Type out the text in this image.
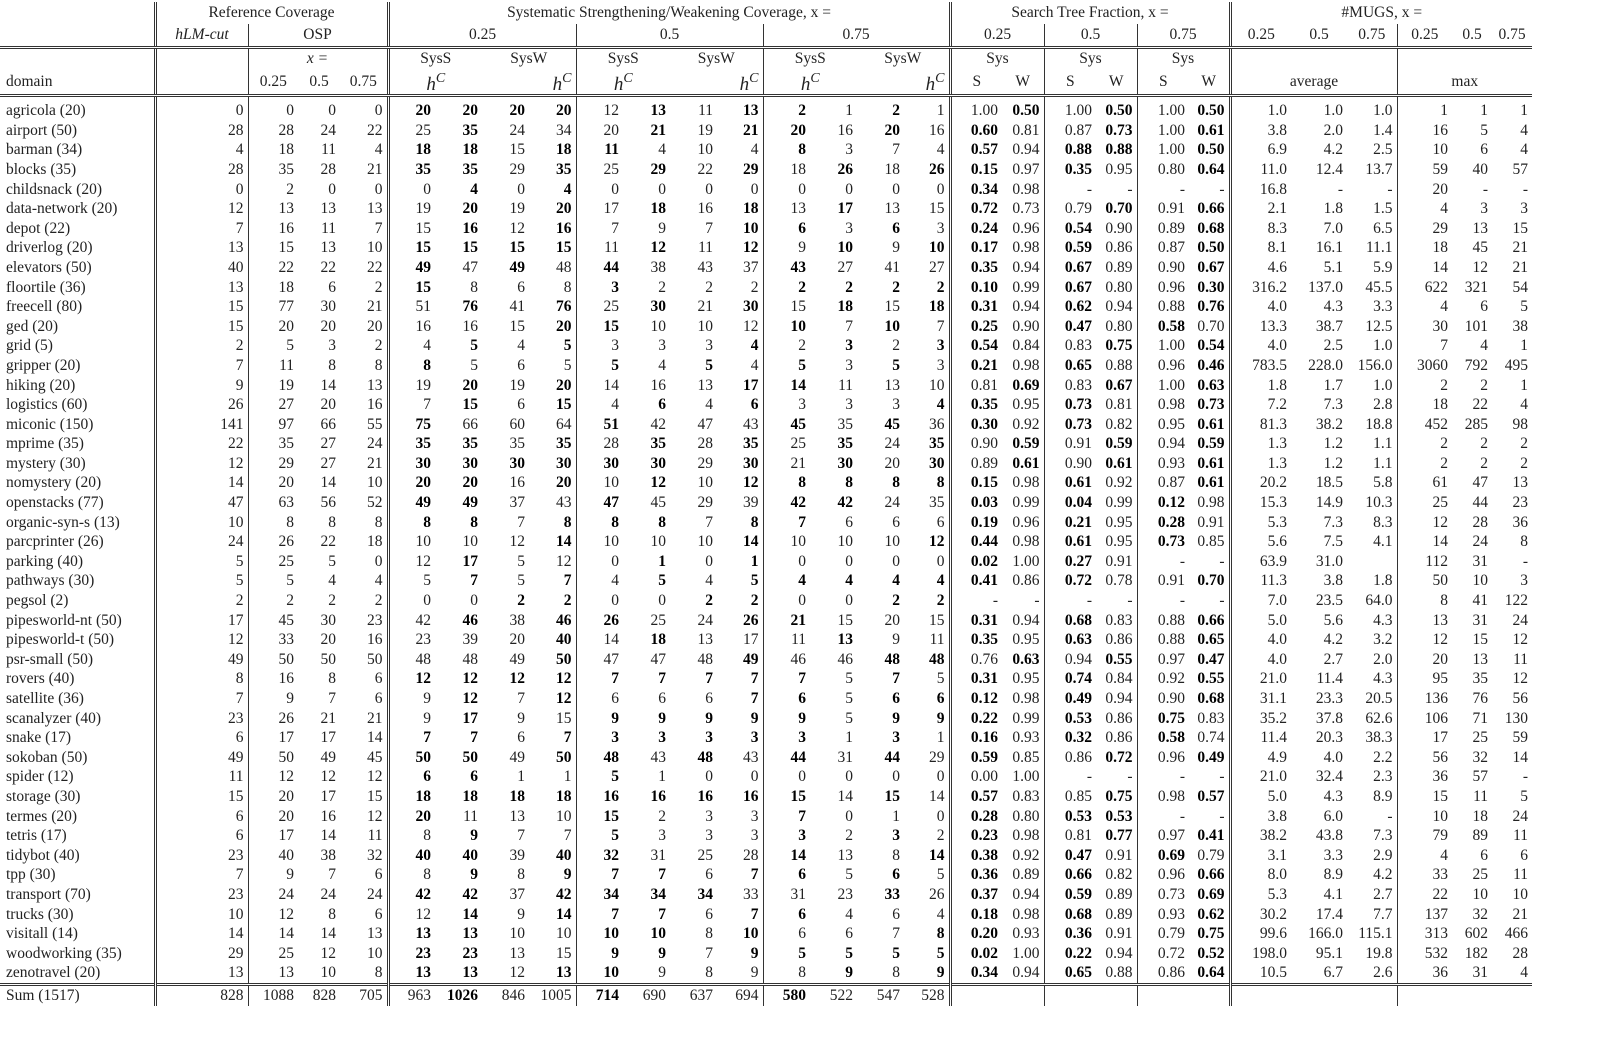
	Reference Coverage				Systematic Strengthening/Weakening Coverage, x =												Search Tree Fraction, x =						#MUGS, x =					
	hLM-cut	OSP			0.25				0.5				0.75				0.25		0.5		0.75		0.25	0.5	0.75	0.25	0.5	0.75
		x =			SysS		SysW		SysS		SysW		SysS		SysW		Sys		Sys		Sys							
domain		0.25	0.5	0.75	$h^C$		$h^C$		$h^C$		$h^C$		$h^C$		$h^C$		S	W	S	W	S	W	average			max		

agricola (20)	0	0	0	0	20	20	20	20	12	13	11	13	2	1	2	1	1.00	0.50	1.00	0.50	1.00	0.50	1.0	1.0	1.0	1	1	1
airport (50)	28	28	24	22	25	35	24	34	20	21	19	21	20	16	20	16	0.60	0.81	0.87	0.73	1.00	0.61	3.8	2.0	1.4	16	5	4
barman (34)	4	18	11	4	18	18	15	18	11	4	10	4	8	3	7	4	0.57	0.94	0.88	0.88	1.00	0.50	6.9	4.2	2.5	10	6	4
blocks (35)	28	35	28	21	35	35	29	35	25	29	22	29	18	26	18	26	0.15	0.97	0.35	0.95	0.80	0.64	11.0	12.4	13.7	59	40	57
childsnack (20)	0	2	0	0	0	4	0	4	0	0	0	0	0	0	0	0	0.34	0.98	-	-	-	-	16.8	-	-	20	-	-
data-network (20)	12	13	13	13	19	20	19	20	17	18	16	18	13	17	13	15	0.72	0.73	0.79	0.70	0.91	0.66	2.1	1.8	1.5	4	3	3
depot (22)	7	16	11	7	15	16	12	16	7	9	7	10	6	3	6	3	0.24	0.96	0.54	0.90	0.89	0.68	8.3	7.0	6.5	29	13	15
driverlog (20)	13	15	13	10	15	15	15	15	11	12	11	12	9	10	9	10	0.17	0.98	0.59	0.86	0.87	0.50	8.1	16.1	11.1	18	45	21
elevators (50)	40	22	22	22	49	47	49	48	44	38	43	37	43	27	41	27	0.35	0.94	0.67	0.89	0.90	0.67	4.6	5.1	5.9	14	12	21
floortile (36)	13	18	6	2	15	8	6	8	3	2	2	2	2	2	2	2	0.10	0.99	0.67	0.80	0.96	0.30	316.2	137.0	45.5	622	321	54
freecell (80)	15	77	30	21	51	76	41	76	25	30	21	30	15	18	15	18	0.31	0.94	0.62	0.94	0.88	0.76	4.0	4.3	3.3	4	6	5
ged (20)	15	20	20	20	16	16	15	20	15	10	10	12	10	7	10	7	0.25	0.90	0.47	0.80	0.58	0.70	13.3	38.7	12.5	30	101	38
grid (5)	2	5	3	2	4	5	4	5	3	3	3	4	2	3	2	3	0.54	0.84	0.83	0.75	1.00	0.54	4.0	2.5	1.0	7	4	1
gripper (20)	7	11	8	8	8	5	6	5	5	4	5	4	5	3	5	3	0.21	0.98	0.65	0.88	0.96	0.46	783.5	228.0	156.0	3060	792	495
hiking (20)	9	19	14	13	19	20	19	20	14	16	13	17	14	11	13	10	0.81	0.69	0.83	0.67	1.00	0.63	1.8	1.7	1.0	2	2	1
logistics (60)	26	27	20	16	7	15	6	15	4	6	4	6	3	3	3	4	0.35	0.95	0.73	0.81	0.98	0.73	7.2	7.3	2.8	18	22	4
miconic (150)	141	97	66	55	75	66	60	64	51	42	47	43	45	35	45	36	0.30	0.92	0.73	0.82	0.95	0.61	81.3	38.2	18.8	452	285	98
mprime (35)	22	35	27	24	35	35	35	35	28	35	28	35	25	35	24	35	0.90	0.59	0.91	0.59	0.94	0.59	1.3	1.2	1.1	2	2	2
mystery (30)	12	29	27	21	30	30	30	30	30	30	29	30	21	30	20	30	0.89	0.61	0.90	0.61	0.93	0.61	1.3	1.2	1.1	2	2	2
nomystery (20)	14	20	14	10	20	20	16	20	10	12	10	12	8	8	8	8	0.15	0.98	0.61	0.92	0.87	0.61	20.2	18.5	5.8	61	47	13
openstacks (77)	47	63	56	52	49	49	37	43	47	45	29	39	42	42	24	35	0.03	0.99	0.04	0.99	0.12	0.98	15.3	14.9	10.3	25	44	23
organic-syn-s (13)	10	8	8	8	8	8	7	8	8	8	7	8	7	6	6	6	0.19	0.96	0.21	0.95	0.28	0.91	5.3	7.3	8.3	12	28	36
parcprinter (26)	24	26	22	18	10	10	12	14	10	10	10	14	10	10	10	12	0.44	0.98	0.61	0.95	0.73	0.85	5.6	7.5	4.1	14	24	8
parking (40)	5	25	5	0	12	17	5	12	0	1	0	1	0	0	0	0	0.02	1.00	0.27	0.91	-	-	63.9	31.0		112	31	-
pathways (30)	5	5	4	4	5	7	5	7	4	5	4	5	4	4	4	4	0.41	0.86	0.72	0.78	0.91	0.70	11.3	3.8	1.8	50	10	3
pegsol (2)	2	2	2	2	0	0	2	2	0	0	2	2	0	0	2	2	-	-	-	-	-	-	7.0	23.5	64.0	8	41	122
pipesworld-nt (50)	17	45	30	23	42	46	38	46	26	25	24	26	21	15	20	15	0.31	0.94	0.68	0.83	0.88	0.66	5.0	5.6	4.3	13	31	24
pipesworld-t (50)	12	33	20	16	23	39	20	40	14	18	13	17	11	13	9	11	0.35	0.95	0.63	0.86	0.88	0.65	4.0	4.2	3.2	12	15	12
psr-small (50)	49	50	50	50	48	48	49	50	47	47	48	49	46	46	48	48	0.76	0.63	0.94	0.55	0.97	0.47	4.0	2.7	2.0	20	13	11
rovers (40)	8	16	8	6	12	12	12	12	7	7	7	7	7	5	7	5	0.31	0.95	0.74	0.84	0.92	0.55	21.0	11.4	4.3	95	35	12
satellite (36)	7	9	7	6	9	12	7	12	6	6	6	7	6	5	6	6	0.12	0.98	0.49	0.94	0.90	0.68	31.1	23.3	20.5	136	76	56
scanalyzer (40)	23	26	21	21	9	17	9	15	9	9	9	9	9	5	9	9	0.22	0.99	0.53	0.86	0.75	0.83	35.2	37.8	62.6	106	71	130
snake (17)	6	17	17	14	7	7	6	7	3	3	3	3	3	1	3	1	0.16	0.93	0.32	0.86	0.58	0.74	11.4	20.3	38.3	17	25	59
sokoban (50)	49	50	49	45	50	50	49	50	48	43	48	43	44	31	44	29	0.59	0.85	0.86	0.72	0.96	0.49	4.9	4.0	2.2	56	32	14
spider (12)	11	12	12	12	6	6	1	1	5	1	0	0	0	0	0	0	0.00	1.00	-	-	-	-	21.0	32.4	2.3	36	57	-
storage (30)	15	20	17	15	18	18	18	18	16	16	16	16	15	14	15	14	0.57	0.83	0.85	0.75	0.98	0.57	5.0	4.3	8.9	15	11	5
termes (20)	6	20	16	12	20	11	13	10	15	2	3	3	7	0	1	0	0.28	0.80	0.53	0.53	-	-	3.8	6.0	-	10	18	24
tetris (17)	6	17	14	11	8	9	7	7	5	3	3	3	3	2	3	2	0.23	0.98	0.81	0.77	0.97	0.41	38.2	43.8	7.3	79	89	11
tidybot (40)	23	40	38	32	40	40	39	40	32	31	25	28	14	13	8	14	0.38	0.92	0.47	0.91	0.69	0.79	3.1	3.3	2.9	4	6	6
tpp (30)	7	9	7	6	8	9	8	9	7	7	6	7	6	5	6	5	0.36	0.89	0.66	0.82	0.96	0.66	8.0	8.9	4.2	33	25	11
transport (70)	23	24	24	24	42	42	37	42	34	34	34	33	31	23	33	26	0.37	0.94	0.59	0.89	0.73	0.69	5.3	4.1	2.7	22	10	10
trucks (30)	10	12	8	6	12	14	9	14	7	7	6	7	6	4	6	4	0.18	0.98	0.68	0.89	0.93	0.62	30.2	17.4	7.7	137	32	21
visitall (14)	14	14	14	13	13	13	10	10	10	10	8	10	6	6	7	8	0.20	0.93	0.36	0.91	0.79	0.75	99.6	166.0	115.1	313	602	466
woodworking (35)	29	25	12	10	23	23	13	15	9	9	7	9	5	5	5	5	0.02	1.00	0.22	0.94	0.72	0.52	198.0	95.1	19.8	532	182	28
zenotravel (20)	13	13	10	8	13	13	12	13	10	9	8	9	8	9	8	9	0.34	0.94	0.65	0.88	0.86	0.64	10.5	6.7	2.6	36	31	4
Sum (1517)	828	1088	828	705	963	1026	846	1005	714	690	637	694	580	522	547	528												
